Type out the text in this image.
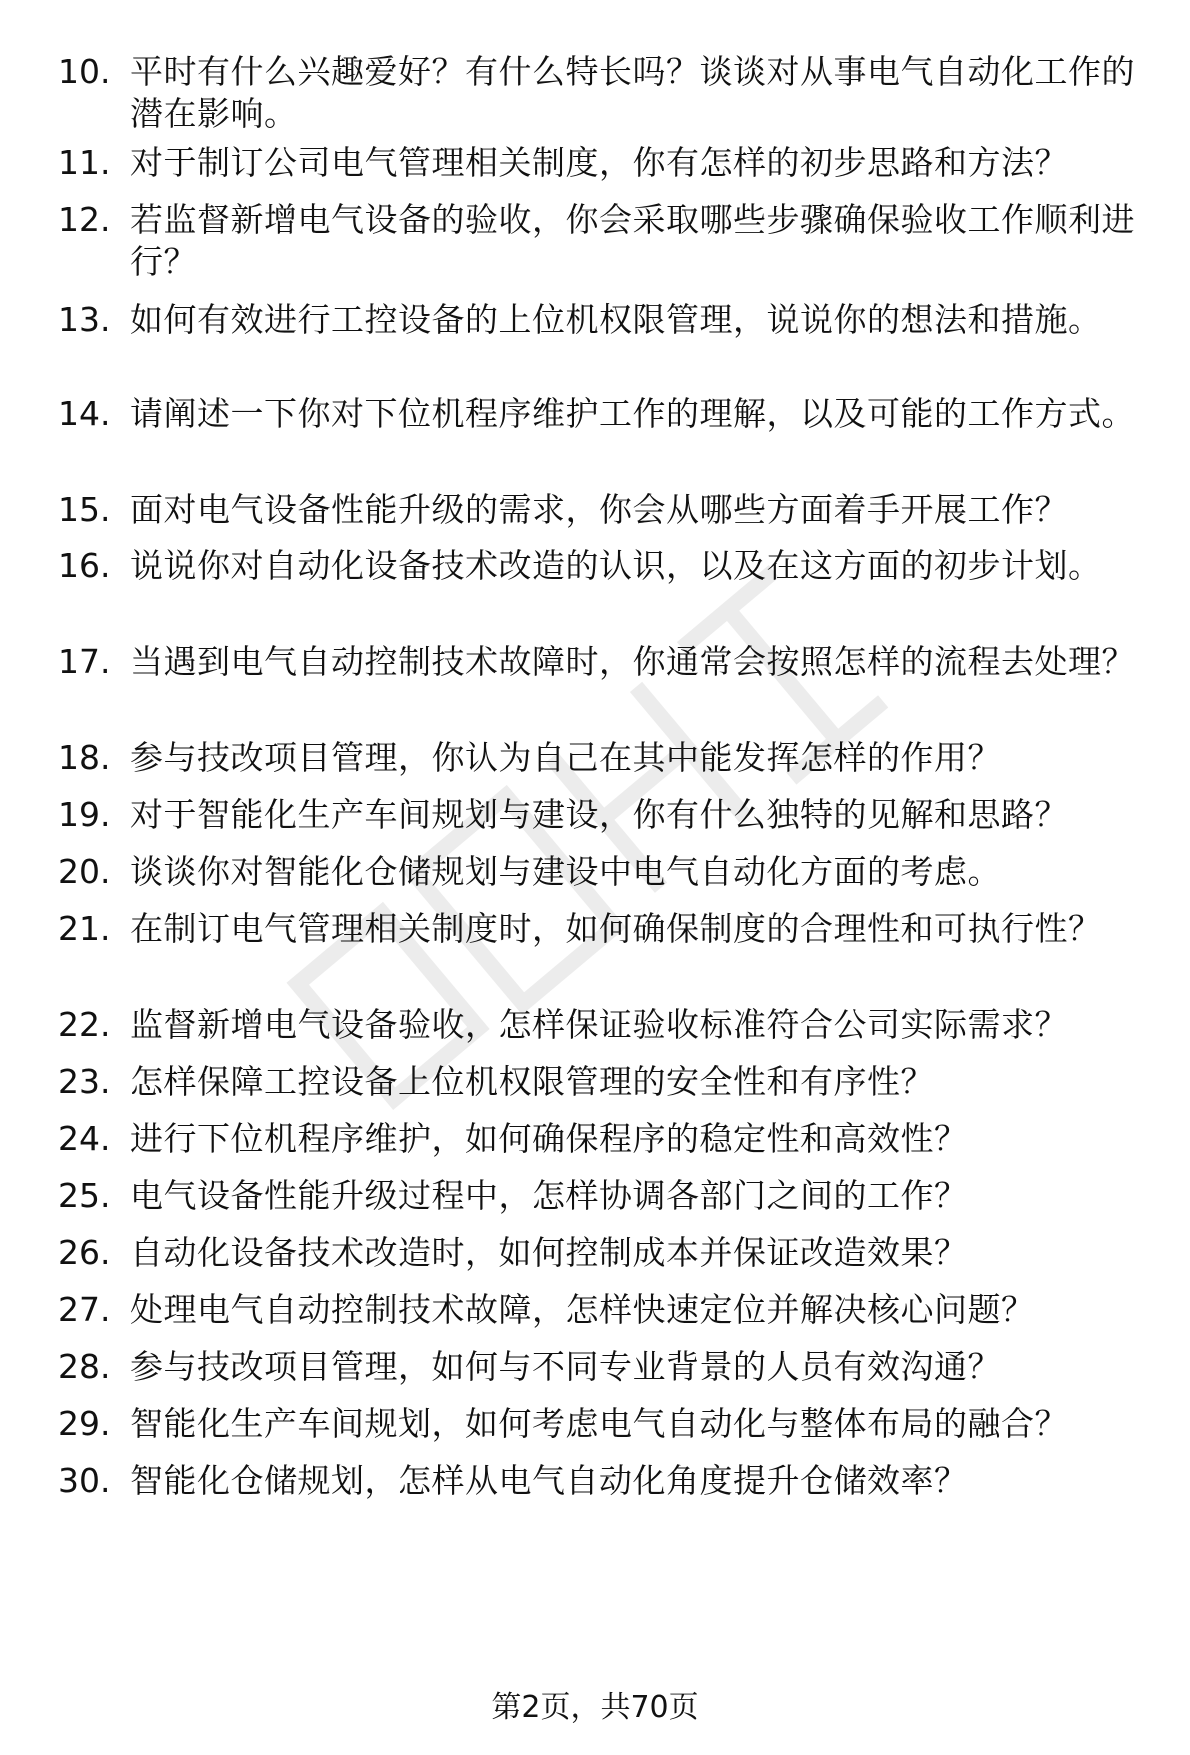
10. 平时有什么兴趣爱好？有什么特长吗？谈谈对从事电气自动化工作的潜在影响。
11. 对于制订公司电气管理相关制度，你有怎样的初步思路和方法？
12. 若监督新增电气设备的验收，你会采取哪些步骤确保验收工作顺利进行？
13. 如何有效进行工控设备的上位机权限管理，说说你的想法和措施。
14. 请阐述一下你对下位机程序维护工作的理解，以及可能的工作方式。
15. 面对电气设备性能升级的需求，你会从哪些方面着手开展工作？
16. 说说你对自动化设备技术改造的认识，以及在这方面的初步计划。
17. 当遇到电气自动控制技术故障时，你通常会按照怎样的流程去处理？
18. 参与技改项目管理，你认为自己在其中能发挥怎样的作用？
19. 对于智能化生产车间规划与建设，你有什么独特的见解和思路？
20. 谈谈你对智能化仓储规划与建设中电气自动化方面的考虑。
21. 在制订电气管理相关制度时，如何确保制度的合理性和可执行性？
22. 监督新增电气设备验收，怎样保证验收标准符合公司实际需求？
23. 怎样保障工控设备上位机权限管理的安全性和有序性？
24. 进行下位机程序维护，如何确保程序的稳定性和高效性？
25. 电气设备性能升级过程中，怎样协调各部门之间的工作？
26. 自动化设备技术改造时，如何控制成本并保证改造效果？
27. 处理电气自动控制技术故障，怎样快速定位并解决核心问题？
28. 参与技改项目管理，如何与不同专业背景的人员有效沟通？
29. 智能化生产车间规划，如何考虑电气自动化与整体布局的融合？
30. 智能化仓储规划，怎样从电气自动化角度提升仓储效率？
第2页，共70页
